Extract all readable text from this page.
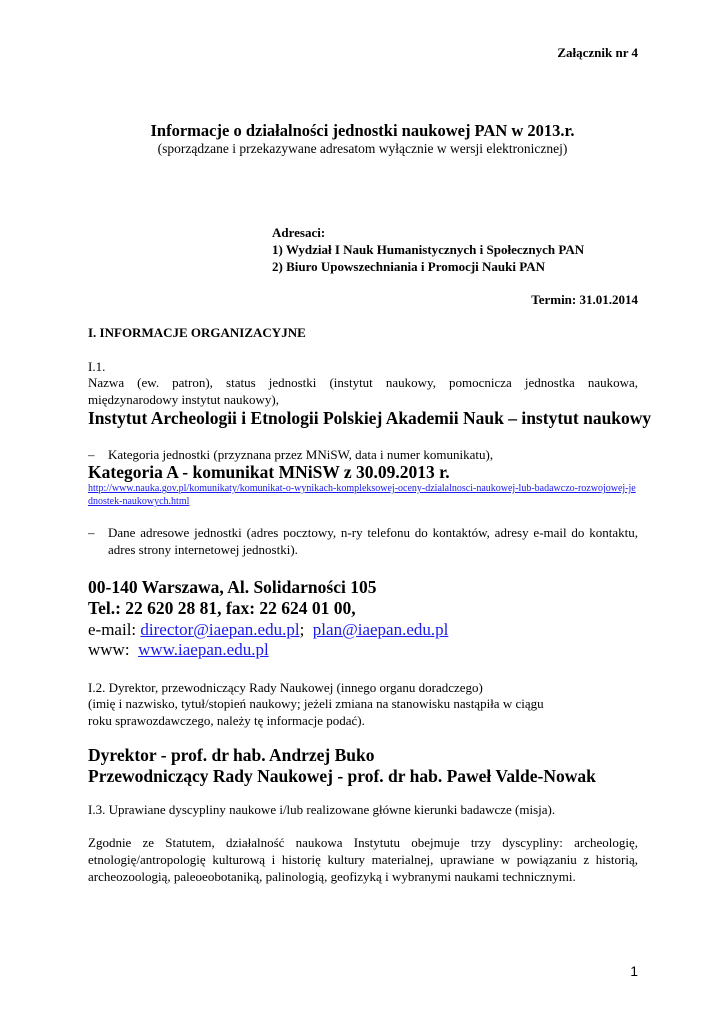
Załącznik nr 4
Informacje o działalności jednostki naukowej PAN w 2013.r.
(sporządzane i przekazywane adresatom wyłącznie w wersji elektronicznej)
Adresaci:
1) Wydział I Nauk Humanistycznych i Społecznych PAN
2) Biuro Upowszechniania i Promocji Nauki PAN
Termin: 31.01.2014
I. INFORMACJE ORGANIZACYJNE
I.1.
Nazwa (ew. patron), status jednostki (instytut naukowy, pomocnicza jednostka naukowa, międzynarodowy instytut naukowy),
Instytut Archeologii i Etnologii Polskiej Akademii Nauk – instytut naukowy
– Kategoria jednostki (przyznana przez MNiSW, data i numer komunikatu),
Kategoria A - komunikat MNiSW z 30.09.2013 r.
http://www.nauka.gov.pl/komunikaty/komunikat-o-wynikach-kompleksowej-oceny-dzialalnosci-naukowej-lub-badawczo-rozwojowej-jednostek-naukowych.html
– Dane adresowe jednostki (adres pocztowy, n-ry telefonu do kontaktów, adresy e-mail do kontaktu, adres strony internetowej jednostki).
00-140 Warszawa, Al. Solidarności 105
Tel.: 22 620 28 81, fax: 22 624 01 00,
e-mail: director@iaepan.edu.pl; plan@iaepan.edu.pl
www: www.iaepan.edu.pl
I.2. Dyrektor, przewodniczący Rady Naukowej (innego organu doradczego)
(imię i nazwisko, tytuł/stopień naukowy; jeżeli zmiana na stanowisku nastąpiła w ciągu roku sprawozdawczego, należy tę informacje podać).
Dyrektor - prof. dr hab. Andrzej Buko
Przewodniczący Rady Naukowej - prof. dr hab. Paweł Valde-Nowak
I.3. Uprawiane dyscypliny naukowe i/lub realizowane główne kierunki badawcze (misja).
Zgodnie ze Statutem, działalność naukowa Instytutu obejmuje trzy dyscypliny: archeologię, etnologię/antropologię kulturową i historię kultury materialnej, uprawiane w powiązaniu z historią, archeozoologią, paleoeobotaniką, palinologią, geofizyką i wybranymi naukami technicznymi.
1
